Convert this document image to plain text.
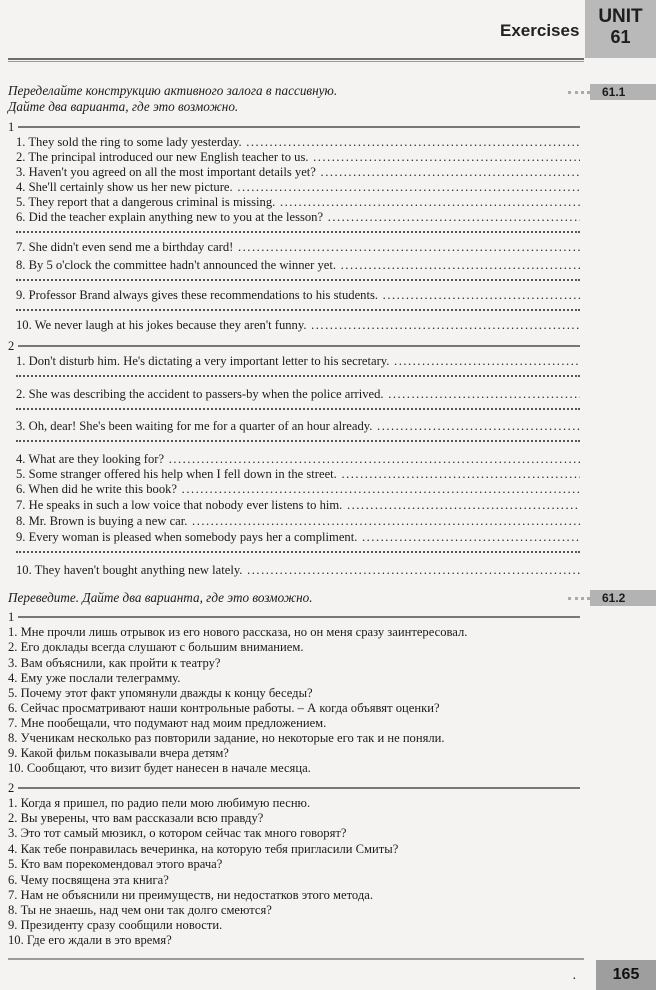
Exercises
UNIT
61
Переделайте конструкцию активного залога в пассивную.
Дайте два варианта, где это возможно.
61.1
1
1. They sold the ring to some lady yesterday. .....
2. The principal introduced our new English teacher to us. .....
3. Haven't you agreed on all the most important details yet? .....
4. She'll certainly show us her new picture. .....
5. They report that a dangerous criminal is missing. .....
6. Did the teacher explain anything new to you at the lesson? .....
7. She didn't even send me a birthday card! .....
8. By 5 o'clock the committee hadn't announced the winner yet. .....
9. Professor Brand always gives these recommendations to his students. .....
10. We never laugh at his jokes because they aren't funny. .....
2
1. Don't disturb him. He's dictating a very important letter to his secretary. .....
2. She was describing the accident to passers-by when the police arrived. .....
3. Oh, dear! She's been waiting for me for a quarter of an hour already. .....
4. What are they looking for? .....
5. Some stranger offered his help when I fell down in the street. .....
6. When did he write this book? .....
7. He speaks in such a low voice that nobody ever listens to him. .....
8. Mr. Brown is buying a new car. .....
9. Every woman is pleased when somebody pays her a compliment. .....
10. They haven't bought anything new lately. .....
Переведите. Дайте два варианта, где это возможно.	61.2
1
1. Мне прочли лишь отрывок из его нового рассказа, но он меня сразу заинтересовал.
2. Его доклады всегда слушают с большим вниманием.
3. Вам объяснили, как пройти к театру?
4. Ему уже послали телеграмму.
5. Почему этот факт упомянули дважды к концу беседы?
6. Сейчас просматривают наши контрольные работы. – А когда объявят оценки?
7. Мне пообещали, что подумают над моим предложением.
8. Ученикам несколько раз повторили задание, но некоторые его так и не поняли.
9. Какой фильм показывали вчера детям?
10. Сообщают, что визит будет нанесен в начале месяца.
2
1. Когда я пришел, по радио пели мою любимую песню.
2. Вы уверены, что вам рассказали всю правду?
3. Это тот самый мюзикл, о котором сейчас так много говорят?
4. Как тебе понравилась вечеринка, на которую тебя пригласили Смиты?
5. Кто вам порекомендовал этого врача?
6. Чему посвящена эта книга?
7. Нам не объяснили ни преимуществ, ни недостатков этого метода.
8. Ты не знаешь, над чем они так долго смеются?
9. Президенту сразу сообщили новости.
10. Где его ждали в это время?
·	165
